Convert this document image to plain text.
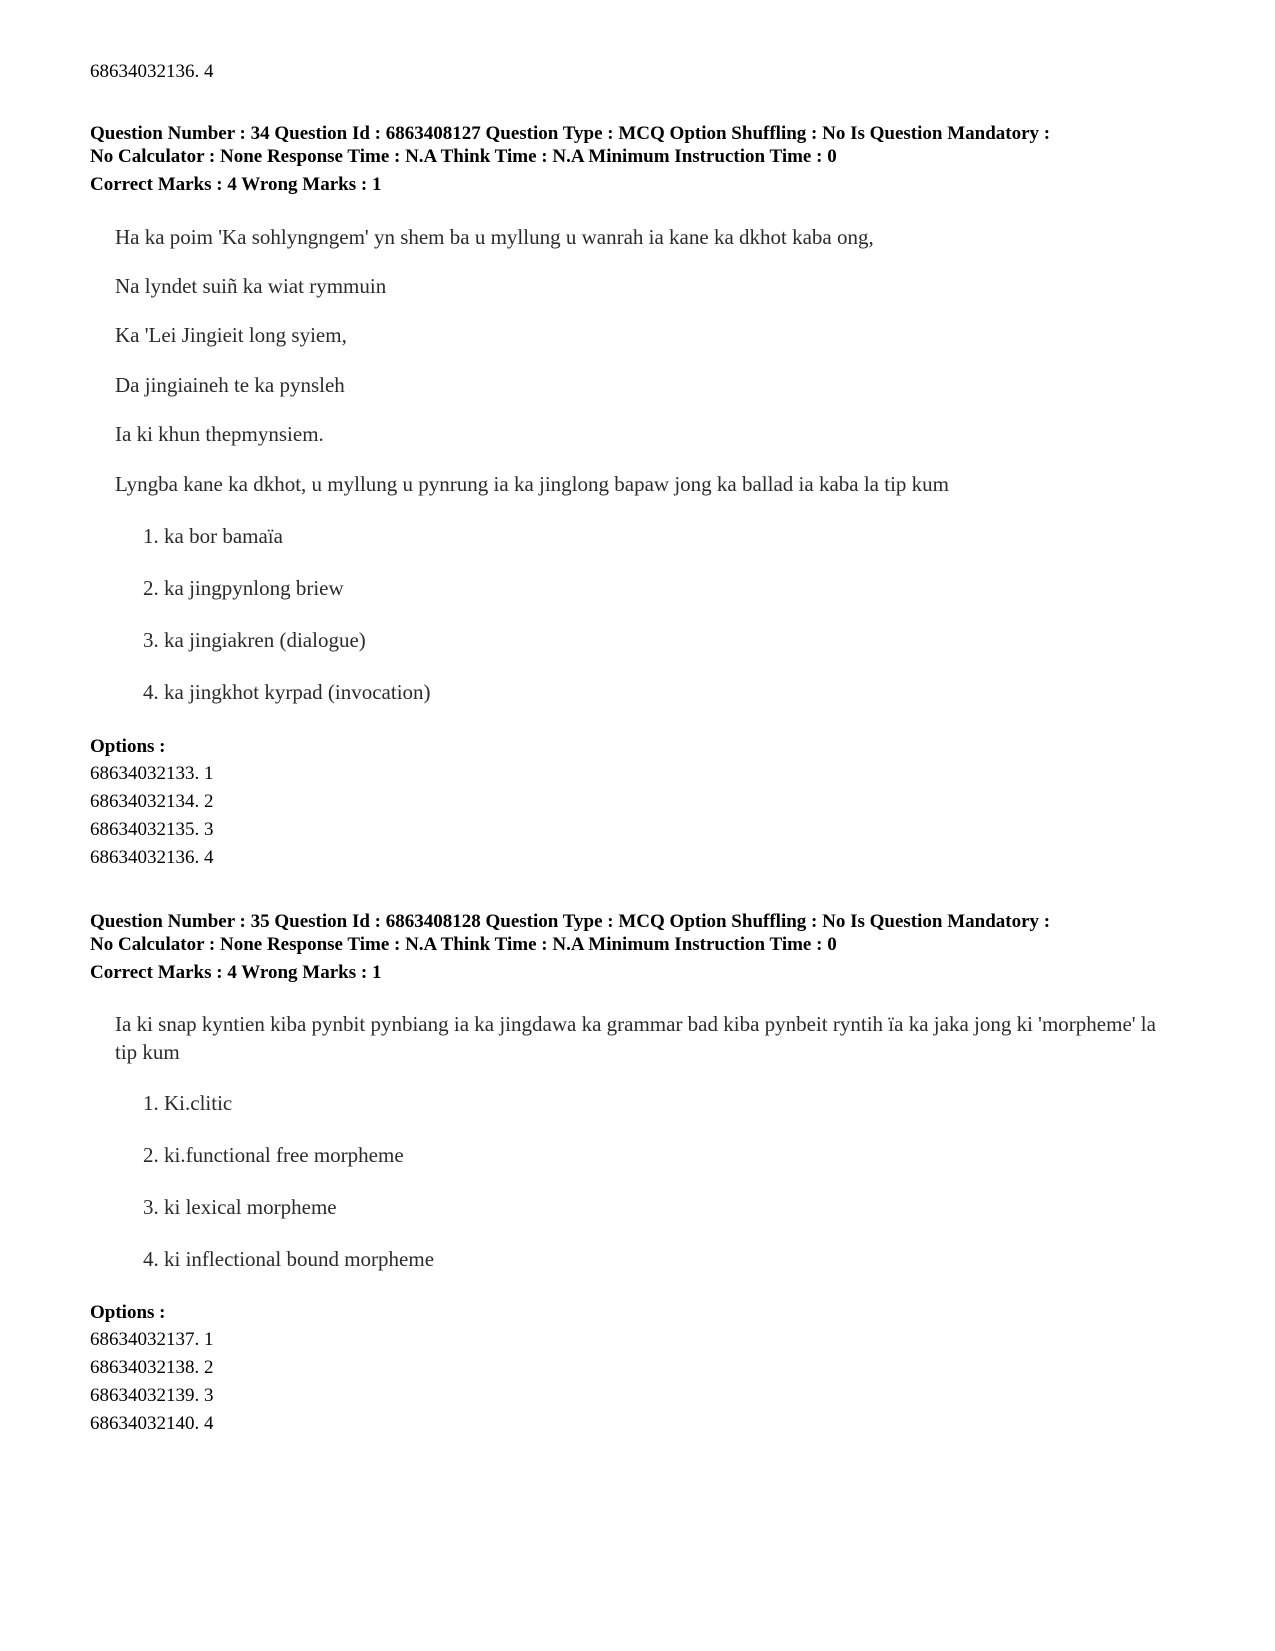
68634032136. 4
Question Number : 34 Question Id : 6863408127 Question Type : MCQ Option Shuffling : No Is Question Mandatory :
No Calculator : None Response Time : N.A Think Time : N.A Minimum Instruction Time : 0
Correct Marks : 4 Wrong Marks : 1
Ha ka poim 'Ka sohlyngngem' yn shem ba u myllung u wanrah ia kane ka dkhot kaba ong,
Na lyndet suiñ ka wiat rymmuin
Ka 'Lei Jingieit long syiem,
Da jingiaineh te ka pynsleh
Ia ki khun thepmynsiem.
Lyngba kane ka dkhot, u myllung u pynrung ia ka jinglong bapaw jong ka ballad ia kaba la tip kum
1. ka bor bamaïa
2. ka jingpynlong briew
3. ka jingiakren (dialogue)
4. ka jingkhot kyrpad (invocation)
Options :
68634032133. 1
68634032134. 2
68634032135. 3
68634032136. 4
Question Number : 35 Question Id : 6863408128 Question Type : MCQ Option Shuffling : No Is Question Mandatory :
No Calculator : None Response Time : N.A Think Time : N.A Minimum Instruction Time : 0
Correct Marks : 4 Wrong Marks : 1
Ia ki snap kyntien kiba pynbit pynbiang ia ka jingdawa ka grammar bad kiba pynbeit ryntih ïa ka jaka jong ki 'morpheme' la tip kum
1. Ki.clitic
2. ki.functional free morpheme
3. ki lexical morpheme
4. ki inflectional bound morpheme
Options :
68634032137. 1
68634032138. 2
68634032139. 3
68634032140. 4
